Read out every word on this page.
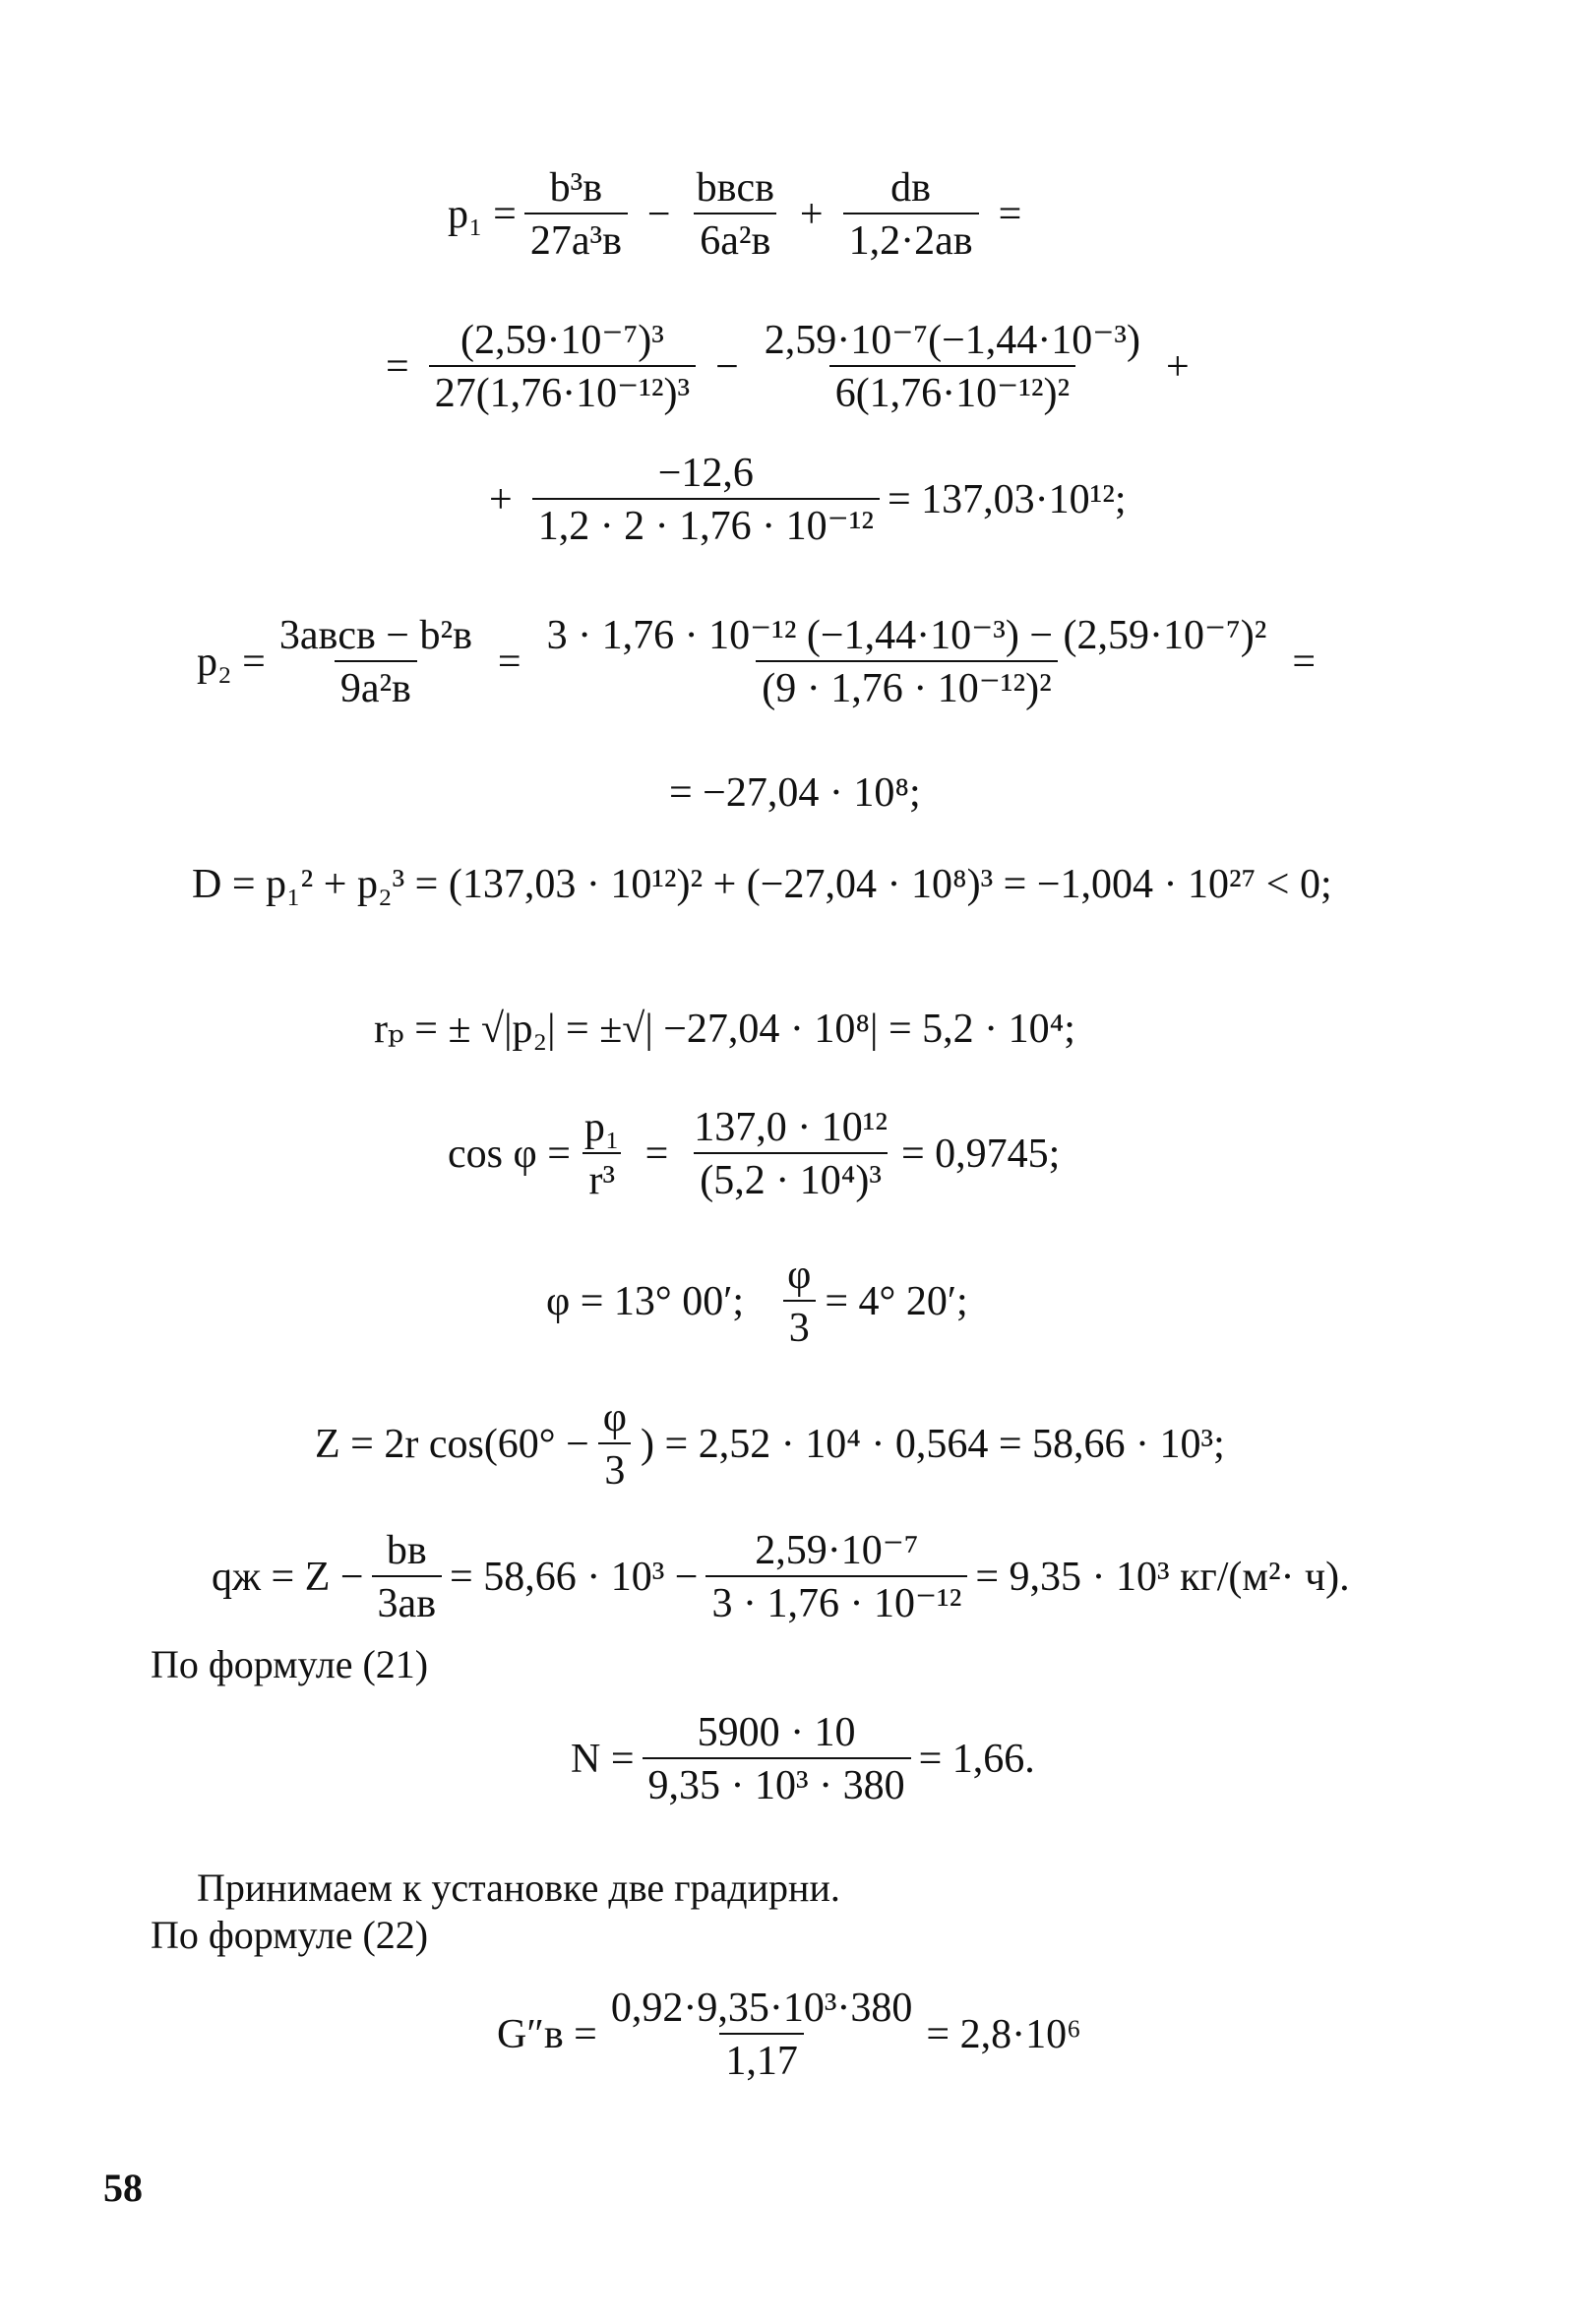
$p_1 = \frac{\text{b³в}}{\text{27a³в}} - \frac{\text{bвcв}}{\text{6a²в}} + \frac{dв}{1,2\cdot 2aв}$ =
= $\frac{\text{(2,59·10⁻⁷)³}}{\text{27(1,76·10⁻¹²)³}} - \frac{\text{2,59·10⁻⁷(−1,44·10⁻³)}}{\text{6(1,76·10⁻¹²)²}}$ +
+ $\frac{-12,6}{\text{1,2 · 2 · 1,76 · 10⁻¹²}} = 137,03\cdot 10^{12}$;
$p_2 = \frac{\text{3aвcв − b²в}}{\text{9a²в}} = \frac{\text{3 · 1,76 · 10⁻¹² (−1,44·10⁻³) − (2,59·10⁻⁷)²}}{\text{(9 · 1,76 · 10⁻¹²)²}}$ =
= −27,04 · 10⁸;
D = p₁² + p₂³ = (137,03 · 10¹²)² + (−27,04 · 10⁸)³ = −1,004 · 10²⁷ < 0;
rₚ = ± √|p₂| = ±√| −27,04 · 10⁸| = 5,2 · 10⁴;
$\cos \varphi = \frac{\text{p₁}}{\text{r³}} = \frac{\text{137,0 · 10¹²}}{\text{(5,2 · 10⁴)³}} = 0,9745$;
φ = 13° 00′; $\frac{\varphi}{3} = 4^\circ$ 20′;
Z = 2r $\cos(60^\circ - \frac{\varphi}{3}$ ) = 2,52 · 10⁴ · 0,564 = 58,66 · 10³;
qж = $Z - \frac{bв}{3aв} = 58,66 \cdot 10^3 - \frac{\text{2,59·10⁻⁷}}{\text{3 · 1,76 · 10⁻¹²}} = 9,35 \cdot 10^3$ кг/(м²· ч).
По формуле (21)
$N = \frac{5900 \cdot 10}{\text{9,35 · 10³ · 380}} = 1,66$.
Принимаем к установке две градирни.
По формуле (22)
$G''в = \frac{\text{0,92·9,35·10³·380}}{1,17} = 2,8\cdot 10^6$
58
